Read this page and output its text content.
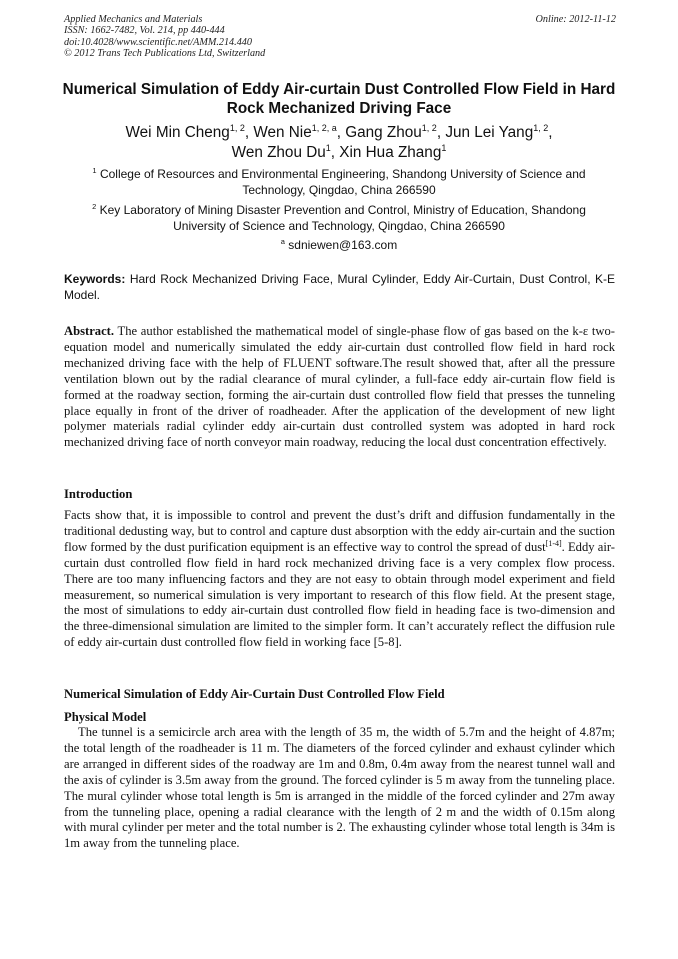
Applied Mechanics and Materials	Online: 2012-11-12
ISSN: 1662-7482, Vol. 214, pp 440-444
doi:10.4028/www.scientific.net/AMM.214.440
© 2012 Trans Tech Publications Ltd, Switzerland
Numerical Simulation of Eddy Air-curtain Dust Controlled Flow Field in Hard Rock Mechanized Driving Face
Wei Min Cheng$^{1, 2}$, Wen Nie$^{1, 2, a}$, Gang Zhou$^{1, 2}$, Jun Lei Yang$^{1, 2}$,
Wen Zhou Du$^1$, Xin Hua Zhang$^1$
$^1$ College of Resources and Environmental Engineering, Shandong University of Science and Technology, Qingdao, China 266590
$^2$ Key Laboratory of Mining Disaster Prevention and Control, Ministry of Education, Shandong University of Science and Technology, Qingdao, China 266590
$^a$ sdniewen@163.com
Keywords: Hard Rock Mechanized Driving Face, Mural Cylinder, Eddy Air-Curtain, Dust Control, K-E Model.
Abstract. The author established the mathematical model of single-phase flow of gas based on the k-ε two-equation model and numerically simulated the eddy air-curtain dust controlled flow field in hard rock mechanized driving face with the help of FLUENT software.The result showed that, after all the pressure ventilation blown out by the radial clearance of mural cylinder, a full-face eddy air-curtain flow field is formed at the roadway section, forming the air-curtain dust controlled flow field that presses the tunneling place equally in front of the driver of roadheader. After the application of the development of new light polymer materials radial cylinder eddy air-curtain dust controlled system was adopted in hard rock mechanized driving face of north conveyor main roadway, reducing the local dust concentration effectively.
Introduction
Facts show that, it is impossible to control and prevent the dust’s drift and diffusion fundamentally in the traditional dedusting way, but to control and capture dust absorption with the eddy air-curtain and the suction flow formed by the dust purification equipment is an effective way to control the spread of dust[1-4]. Eddy air-curtain dust controlled flow field in hard rock mechanized driving face is a very complex flow process. There are too many influencing factors and they are not easy to obtain through model experiment and field measurement, so numerical simulation is very important to research of this flow field. At the present stage, the most of simulations to eddy air-curtain dust controlled flow field in heading face is two-dimension and the three-dimensional simulation are limited to the simpler form. It can’t accurately reflect the diffusion rule of eddy air-curtain dust controlled flow field in working face [5-8].
Numerical Simulation of Eddy Air-Curtain Dust Controlled Flow Field
Physical Model
The tunnel is a semicircle arch area with the length of 35 m, the width of 5.7m and the height of 4.87m; the total length of the roadheader is 11 m. The diameters of the forced cylinder and exhaust cylinder which are arranged in different sides of the roadway are 1m and 0.8m, 0.4m away from the nearest tunnel wall and the axis of cylinder is 3.5m away from the ground. The forced cylinder is 5 m away from the tunneling place. The mural cylinder whose total length is 5m is arranged in the middle of the forced cylinder and 27m away from the tunneling place, opening a radial clearance with the length of 2 m and the width of 0.15m along with mural cylinder per meter and the total number is 2. The exhausting cylinder whose total length is 34m is 1m away from the tunneling place.
